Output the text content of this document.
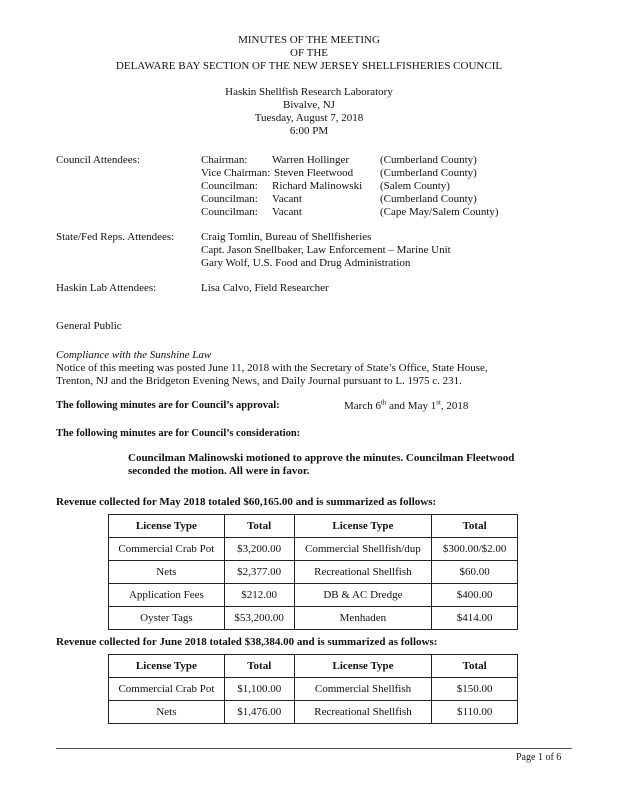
MINUTES OF THE MEETING
OF THE
DELAWARE BAY SECTION OF THE NEW JERSEY SHELLFISHERIES COUNCIL
Haskin Shellfish Research Laboratory
Bivalve, NJ
Tuesday, August 7, 2018
6:00 PM
Council Attendees:	Chairman: Warren Hollinger	(Cumberland County)
Vice Chairman: Steven Fleetwood (Cumberland County)
Councilman: Richard Malinowski (Salem County)
Councilman: Vacant	(Cumberland County)
Councilman: Vacant	(Cape May/Salem County)
State/Fed Reps. Attendees: Craig Tomlin, Bureau of Shellfisheries
Capt. Jason Snellbaker, Law Enforcement – Marine Unit
Gary Wolf, U.S. Food and Drug Administration
Haskin Lab Attendees:	Lisa Calvo, Field Researcher
General Public
Compliance with the Sunshine Law
Notice of this meeting was posted June 11, 2018 with the Secretary of State’s Office, State House,
Trenton, NJ and the Bridgeton Evening News, and Daily Journal pursuant to L. 1975 c. 231.
The following minutes are for Council’s approval:	March 6th and May 1st, 2018
The following minutes are for Council’s consideration:
Councilman Malinowski motioned to approve the minutes. Councilman Fleetwood
seconded the motion. All were in favor.
Revenue collected for May 2018 totaled $60,165.00 and is summarized as follows:
License Type	Total	License Type	Total
Commercial Crab Pot	$3,200.00	Commercial Shellfish/dup	$300.00/$2.00
Nets	$2,377.00	Recreational Shellfish	$60.00
Application Fees	$212.00	DB & AC Dredge	$400.00
Oyster Tags	$53,200.00	Menhaden	$414.00
Revenue collected for June 2018 totaled $38,384.00 and is summarized as follows:
License Type	Total	License Type	Total
Commercial Crab Pot	$1,100.00	Commercial Shellfish	$150.00
Nets	$1,476.00	Recreational Shellfish	$110.00
Page 1 of 6
